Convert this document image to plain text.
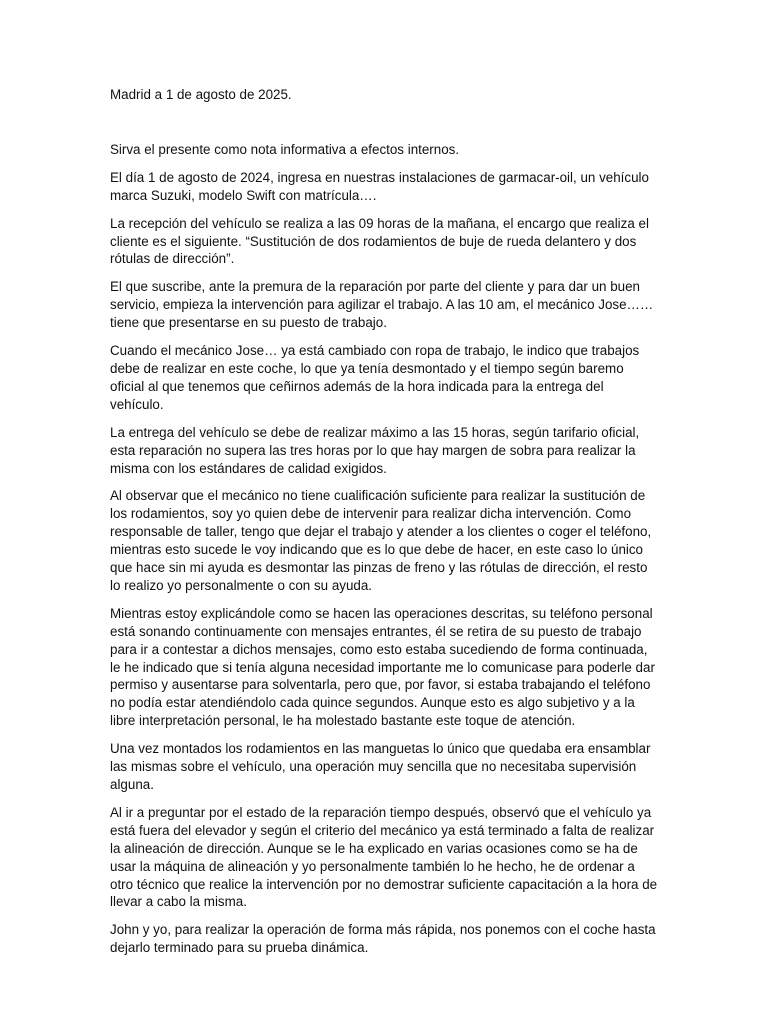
Madrid a 1 de agosto de 2025.

Sirva el presente como nota informativa a efectos internos.

El día 1 de agosto de 2024, ingresa en nuestras instalaciones de garmacar-oil, un vehículo marca Suzuki, modelo Swift con matrícula….

La recepción del vehículo se realiza a las 09 horas de la mañana, el encargo que realiza el cliente es el siguiente. “Sustitución de dos rodamientos de buje de rueda delantero y dos rótulas de dirección”.

El que suscribe, ante la premura de la reparación por parte del cliente y para dar un buen servicio, empieza la intervención para agilizar el trabajo. A las 10 am, el mecánico Jose…… tiene que presentarse en su puesto de trabajo.

Cuando el mecánico Jose… ya está cambiado con ropa de trabajo, le indico que trabajos debe de realizar en este coche, lo que ya tenía desmontado y el tiempo según baremo oficial al que tenemos que ceñirnos además de la hora indicada para la entrega del vehículo.

La entrega del vehículo se debe de realizar máximo a las 15 horas, según tarifario oficial, esta reparación no supera las tres horas por lo que hay margen de sobra para realizar la misma con los estándares de calidad exigidos.

Al observar que el mecánico no tiene cualificación suficiente para realizar la sustitución de los rodamientos, soy yo quien debe de intervenir para realizar dicha intervención. Como responsable de taller, tengo que dejar el trabajo y atender a los clientes o coger el teléfono, mientras esto sucede le voy indicando que es lo que debe de hacer, en este caso lo único que hace sin mi ayuda es desmontar las pinzas de freno y las rótulas de dirección, el resto lo realizo yo personalmente o con su ayuda.

Mientras estoy explicándole como se hacen las operaciones descritas, su teléfono personal está sonando continuamente con mensajes entrantes, él se retira de su puesto de trabajo para ir a contestar a dichos mensajes, como esto estaba sucediendo de forma continuada, le he indicado que si tenía alguna necesidad importante me lo comunicase para poderle dar permiso y ausentarse para solventarla, pero que, por favor, si estaba trabajando el teléfono no podía estar atendiéndolo cada quince segundos. Aunque esto es algo subjetivo y a la libre interpretación personal, le ha molestado bastante este toque de atención.

Una vez montados los rodamientos en las manguetas lo único que quedaba era ensamblar las mismas sobre el vehículo, una operación muy sencilla que no necesitaba supervisión alguna.

Al ir a preguntar por el estado de la reparación tiempo después, observó que el vehículo ya está fuera del elevador y según el criterio del mecánico ya está terminado a falta de realizar la alineación de dirección. Aunque se le ha explicado en varias ocasiones como se ha de usar la máquina de alineación y yo personalmente también lo he hecho, he de ordenar a otro técnico que realice la intervención por no demostrar suficiente capacitación a la hora de llevar a cabo la misma.

John y yo, para realizar la operación de forma más rápida, nos ponemos con el coche hasta dejarlo terminado para su prueba dinámica.
